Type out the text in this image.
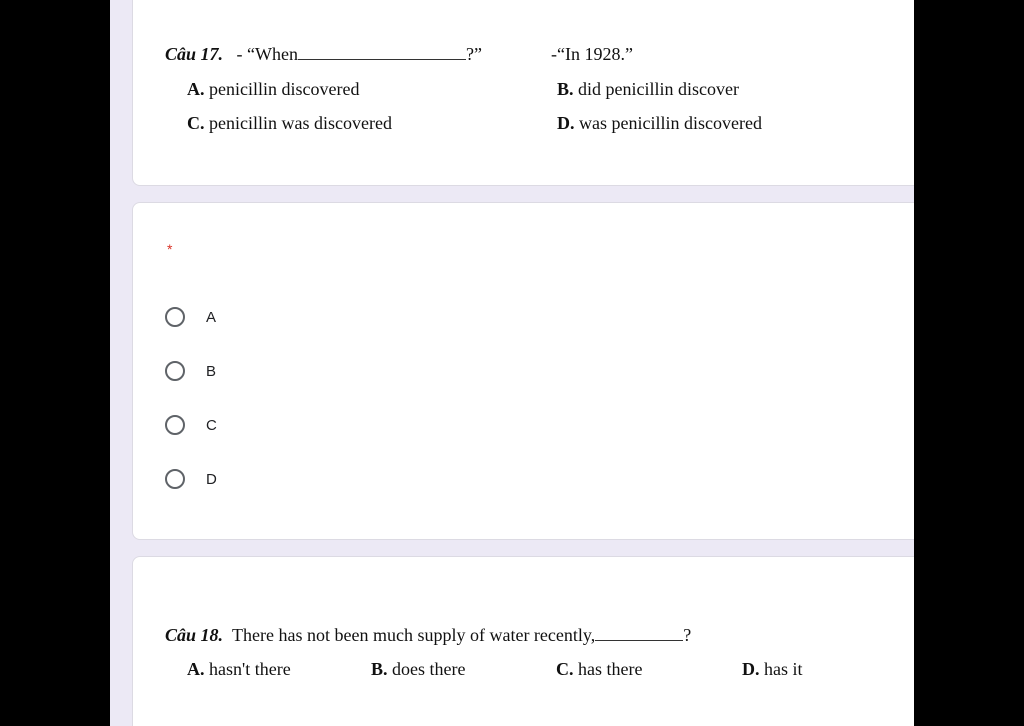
Câu 17. - “When	?”	-“In 1928.”
A. penicillin discovered	B. did penicillin discover
C. penicillin was discovered	D. was penicillin discovered
*
A
B
C
D
Câu 18. There has not been much supply of water recently,	?
A. hasn't there	B. does there	C. has there	D. has it
